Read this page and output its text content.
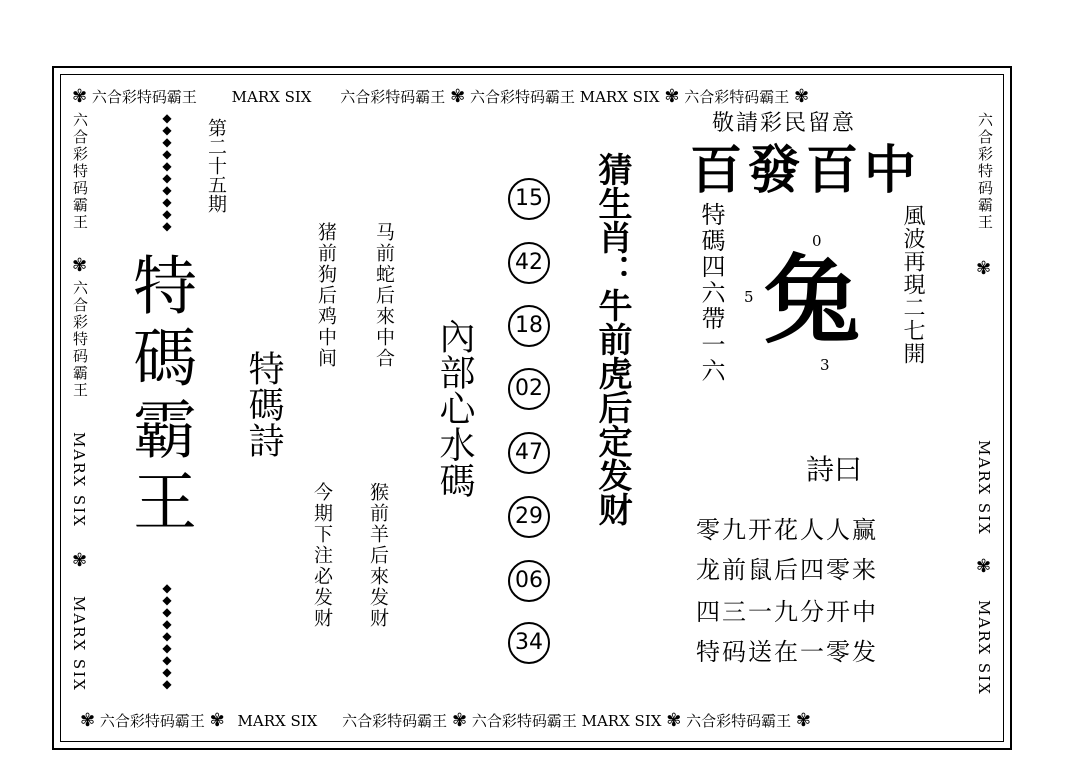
✾ 六合彩特码霸王 MARX SIX 六合彩特码霸王 ✾ 六合彩特码霸王 MARX SIX ✾ 六合彩特码霸王 ✾
✾ 六合彩特码霸王 ✾ MARX SIX 六合彩特码霸王 ✾ 六合彩特码霸王 MARX SIX ✾ 六合彩特码霸王 ✾
六合彩特码霸王
✾
六合彩特码霸王
MARX SIX
✾
MARX SIX
六合彩特码霸王
✾
MARX SIX
✾
MARX SIX
◆
◆
◆
◆
◆
◆
◆
◆
◆
◆
◆
◆
◆
◆
◆
◆
◆
◆
◆
第二十五期
特碼霸王 特碼詩
马前蛇后來中合
猪前狗后鸡中间
猴前羊后來发财
今期下注必发财
內部心水碼
15
42
18
02
47
29
06
34
猜生肖：牛前虎后定发财
敬請彩民留意
百發百中
特碼四六帶一六	風波再現二七開
0
5 兔
3
詩曰
零九开花人人赢
龙前鼠后四零来
四三一九分开中
特码送在一零发
